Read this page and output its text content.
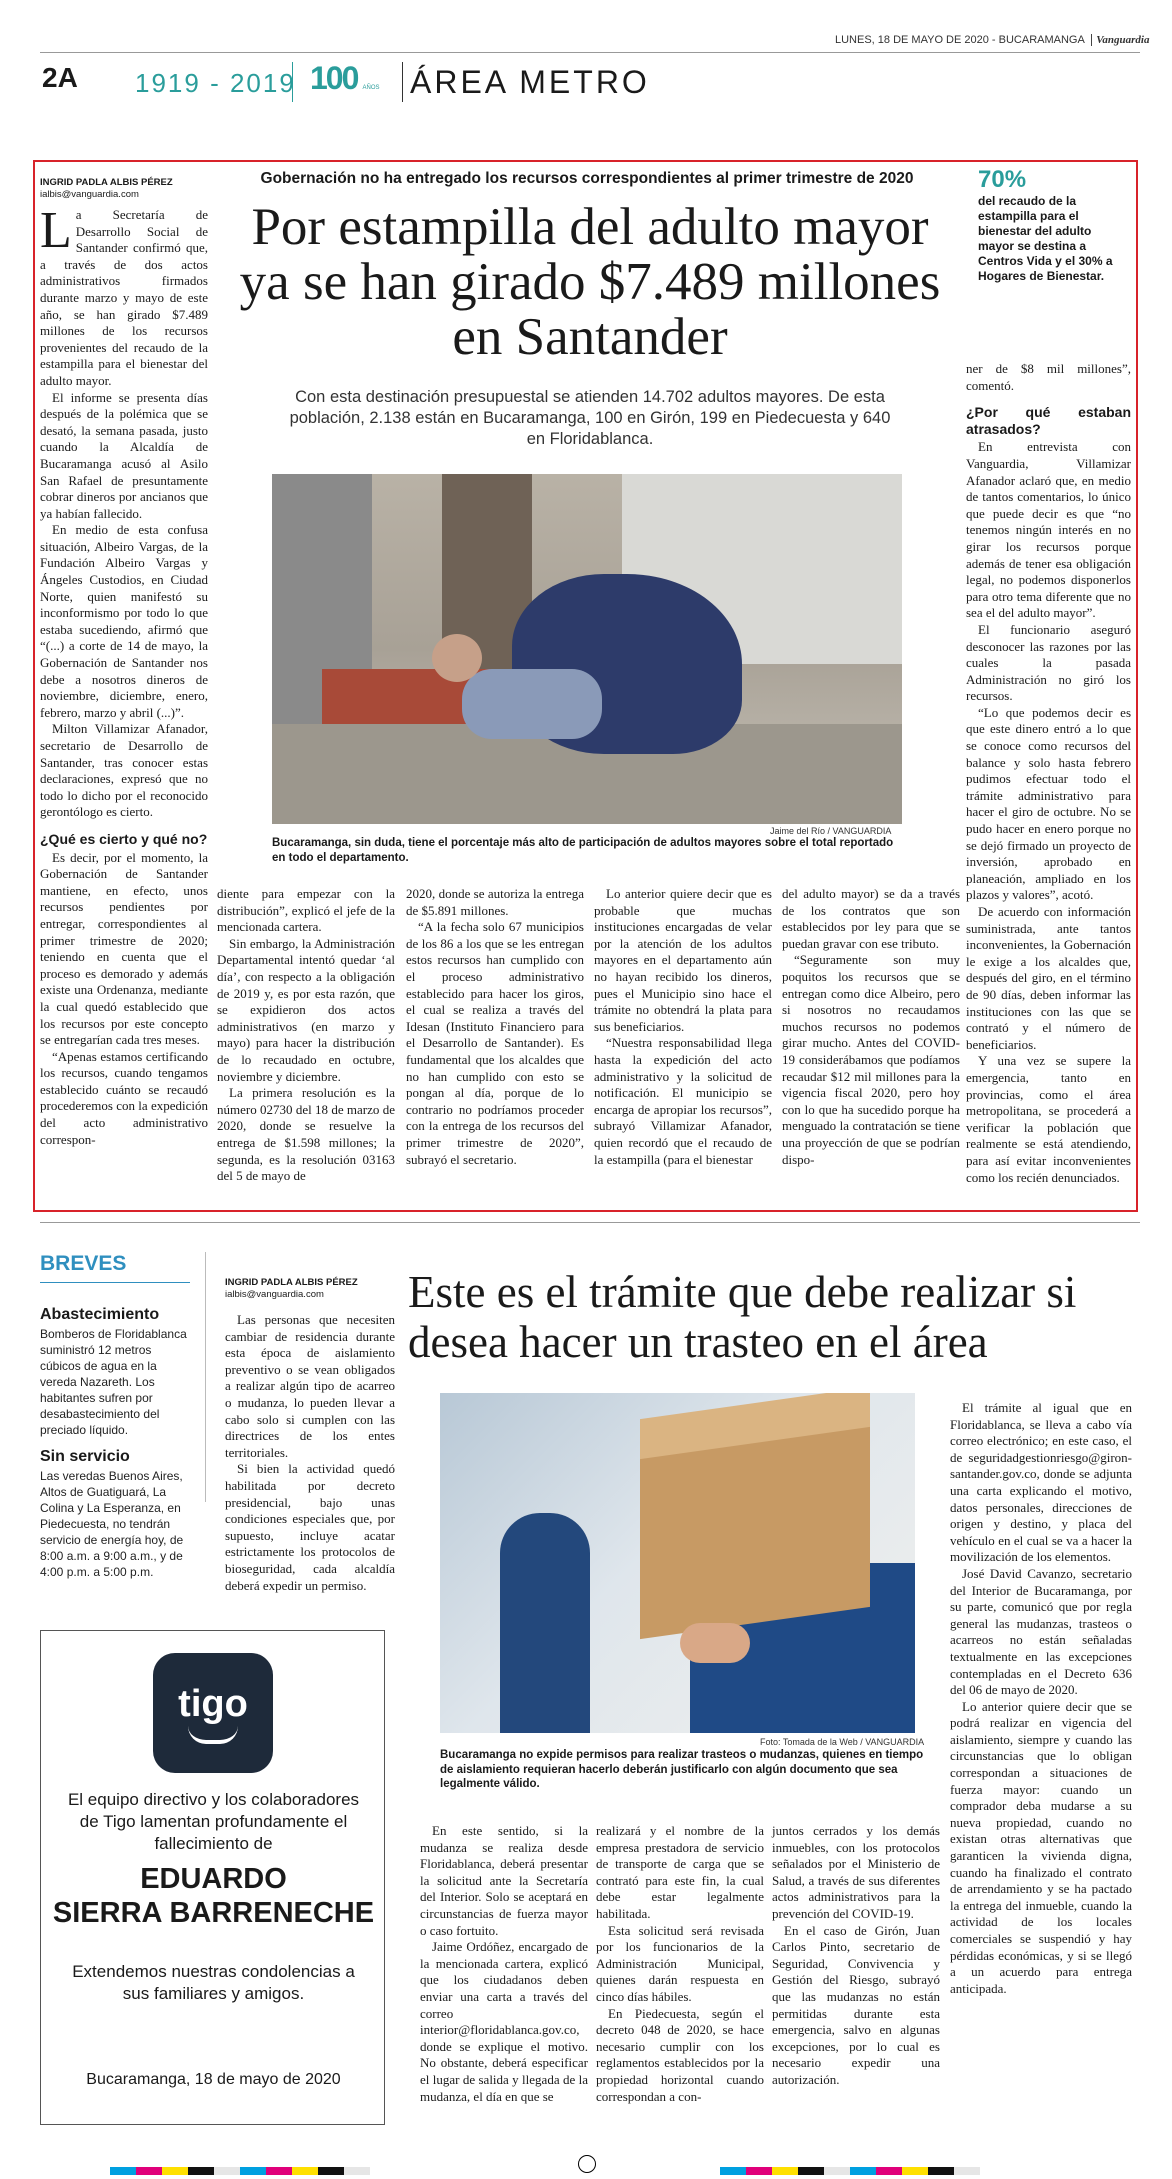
LUNES, 18 DE MAYO DE 2020 - BUCARAMANGA Vanguardia
2A 1919 - 2019 100 AÑOS ÁREA METRO
INGRID PADLA ALBIS PÉREZ
ialbis@vanguardia.com
Gobernación no ha entregado los recursos correspondientes al primer trimestre de 2020
Por estampilla del adulto mayor ya se han girado $7.489 millones en Santander
Con esta destinación presupuestal se atienden 14.702 adultos mayores. De esta población, 2.138 están en Bucaramanga, 100 en Girón, 199 en Piedecuesta y 640 en Floridablanca.
70%
del recaudo de la estampilla para el bienestar del adulto mayor se destina a Centros Vida y el 30% a Hogares de Bienestar.
Jaime del Río / VANGUARDIA
Bucaramanga, sin duda, tiene el porcentaje más alto de participación de adultos mayores sobre el total reportado en todo el departamento.
L a Secretaría de Desarrollo Social de Santander confirmó que, a través de dos actos administrativos firmados durante marzo y mayo de este año, se han girado $7.489 millones de los recursos provenientes del recaudo de la estampilla para el bienestar del adulto mayor.

El informe se presenta días después de la polémica que se desató, la semana pasada, justo cuando la Alcaldía de Bucaramanga acusó al Asilo San Rafael de presuntamente cobrar dineros por ancianos que ya habían fallecido.

En medio de esta confusa situación, Albeiro Vargas, de la Fundación Albeiro Vargas y Ángeles Custodios, en Ciudad Norte, quien manifestó su inconformismo por todo lo que estaba sucediendo, afirmó que “(...) a corte de 14 de mayo, la Gobernación de Santander nos debe a nosotros dineros de noviembre, diciembre, enero, febrero, marzo y abril (...)”.

Milton Villamizar Afanador, secretario de Desarrollo de Santander, tras conocer estas declaraciones, expresó que no todo lo dicho por el reconocido gerontólogo es cierto.

¿Qué es cierto y qué no?

Es decir, por el momento, la Gobernación de Santander mantiene, en efecto, unos recursos pendientes por entregar, correspondientes al primer trimestre de 2020; teniendo en cuenta que el proceso es demorado y además existe una Ordenanza, mediante la cual quedó establecido que los recursos por este concepto se entregarían cada tres meses.

“Apenas estamos certificando los recursos, cuando tengamos establecido cuánto se recaudó procederemos con la expedición del acto administrativo correspon-

diente para empezar con la distribución”, explicó el jefe de la mencionada cartera.

Sin embargo, la Administración Departamental intentó quedar ‘al día’, con respecto a la obligación de 2019 y, es por esta razón, que se expidieron dos actos administrativos (en marzo y mayo) para hacer la distribución de lo recaudado en octubre, noviembre y diciembre.

La primera resolución es la número 02730 del 18 de marzo de 2020, donde se resuelve la entrega de $1.598 millones; la segunda, es la resolución 03163 del 5 de mayo de

2020, donde se autoriza la entrega de $5.891 millones.

“A la fecha solo 67 municipios de los 86 a los que se les entregan estos recursos han cumplido con el proceso administrativo establecido para hacer los giros, el cual se realiza a través del Idesan (Instituto Financiero para el Desarrollo de Santander). Es fundamental que los alcaldes que no han cumplido con esto se pongan al día, porque de lo contrario no podríamos proceder con la entrega de los recursos del primer trimestre de 2020”, subrayó el secretario.

Lo anterior quiere decir que es probable que muchas instituciones encargadas de velar por la atención de los adultos mayores en el departamento aún no hayan recibido los dineros, pues el Municipio sino hace el trámite no obtendrá la plata para sus beneficiarios.

“Nuestra responsabilidad llega hasta la expedición del acto administrativo y la solicitud de notificación. El municipio se encarga de apropiar los recursos”, subrayó Villamizar Afanador, quien recordó que el recaudo de la estampilla (para el bienestar

del adulto mayor) se da a través de los contratos que son establecidos por ley para que se puedan gravar con ese tributo.

“Seguramente son muy poquitos los recursos que se entregan como dice Albeiro, pero si nosotros no recaudamos muchos recursos no podemos girar mucho. Antes del COVID-19 considerábamos que podíamos recaudar $12 mil millones para la vigencia fiscal 2020, pero hoy con lo que ha sucedido porque ha menguado la contratación se tiene una proyección de que se podrían dispo-

ner de $8 mil millones”, comentó.

¿Por qué estaban atrasados?

En entrevista con Vanguardia, Villamizar Afanador aclaró que, en medio de tantos comentarios, lo único que puede decir es que “no tenemos ningún interés en no girar los recursos porque además de tener esa obligación legal, no podemos disponerlos para otro tema diferente que no sea el del adulto mayor”.

El funcionario aseguró desconocer las razones por las cuales la pasada Administración no giró los recursos.

“Lo que podemos decir es que este dinero entró a lo que se conoce como recursos del balance y solo hasta febrero pudimos efectuar todo el trámite administrativo para hacer el giro de octubre. No se pudo hacer en enero porque no se dejó firmado un proyecto de inversión, aprobado en planeación, ampliado en los plazos y valores”, acotó.

De acuerdo con información suministrada, ante tantos inconvenientes, la Gobernación le exige a los alcaldes que, después del giro, en el término de 90 días, deben informar las instituciones con las que se contrató y el número de beneficiarios.

Y una vez se supere la emergencia, tanto en provincias, como el área metropolitana, se procederá a verificar la población que realmente se está atendiendo, para así evitar inconvenientes como los recién denunciados.

BREVES
Abastecimiento
Bomberos de Floridablanca suministró 12 metros cúbicos de agua en la vereda Nazareth. Los habitantes sufren por desabastecimiento del preciado líquido.
Sin servicio
Las veredas Buenos Aires, Altos de Guatiguará, La Colina y La Esperanza, en Piedecuesta, no tendrán servicio de energía hoy, de 8:00 a.m. a 9:00 a.m., y de 4:00 p.m. a 5:00 p.m.
tigo
El equipo directivo y los colaboradores de Tigo lamentan profundamente el fallecimiento de
EDUARDO
SIERRA BARRENECHE
Extendemos nuestras condolencias a sus familiares y amigos.
Bucaramanga, 18 de mayo de 2020
INGRID PADLA ALBIS PÉREZ
ialbis@vanguardia.com	Este es el trámite que debe realizar si desea hacer un trasteo en el área

Las personas que necesiten cambiar de residencia durante esta época de aislamiento preventivo o se vean obligados a realizar algún tipo de acarreo o mudanza, lo pueden llevar a cabo solo si cumplen con las directrices de los entes territoriales.

Si bien la actividad quedó habilitada por decreto presidencial, bajo unas condiciones especiales que, por supuesto, incluye acatar estrictamente los protocolos de bioseguridad, cada alcaldía deberá expedir un permiso.

Foto: Tomada de la Web / VANGUARDIA
Bucaramanga no expide permisos para realizar trasteos o mudanzas, quienes en tiempo de aislamiento requieran hacerlo deberán justificarlo con algún documento que sea legalmente válido.

En este sentido, si la mudanza se realiza desde Floridablanca, deberá presentar la solicitud ante la Secretaría del Interior. Solo se aceptará en circunstancias de fuerza mayor o caso fortuito.

Jaime Ordóñez, encargado de la mencionada cartera, explicó que los ciudadanos deben enviar una carta a través del correo interior@floridablanca.gov.co, donde se explique el motivo. No obstante, deberá especificar el lugar de salida y llegada de la mudanza, el día en que se

realizará y el nombre de la empresa prestadora de servicio de transporte de carga que se contrató para este fin, la cual debe estar legalmente habilitada.

Esta solicitud será revisada por los funcionarios de la Administración Municipal, quienes darán respuesta en cinco días hábiles.

En Piedecuesta, según el decreto 048 de 2020, se hace necesario cumplir con los reglamentos establecidos por la propiedad horizontal cuando correspondan a con-

juntos cerrados y los demás inmuebles, con los protocolos señalados por el Ministerio de Salud, a través de sus diferentes actos administrativos para la prevención del COVID-19.

En el caso de Girón, Juan Carlos Pinto, secretario de Seguridad, Convivencia y Gestión del Riesgo, subrayó que las mudanzas no están permitidas durante esta emergencia, salvo en algunas excepciones, por lo cual es necesario expedir una autorización.

El trámite al igual que en Floridablanca, se lleva a cabo vía correo electrónico; en este caso, el de seguridadgestionriesgo@giron-santander.gov.co, donde se adjunta una carta explicando el motivo, datos personales, direcciones de origen y destino, y placa del vehículo en el cual se va a hacer la movilización de los elementos.

José David Cavanzo, secretario del Interior de Bucaramanga, por su parte, comunicó que por regla general las mudanzas, trasteos o acarreos no están señaladas textualmente en las excepciones contempladas en el Decreto 636 del 06 de mayo de 2020.

Lo anterior quiere decir que se podrá realizar en vigencia del aislamiento, siempre y cuando las circunstancias que lo obligan correspondan a situaciones de fuerza mayor: cuando un comprador deba mudarse a su nueva propiedad, cuando no existan otras alternativas que garanticen la vivienda digna, cuando ha finalizado el contrato de arrendamiento y se ha pactado la entrega del inmueble, cuando la actividad de los locales comerciales se suspendió y hay pérdidas económicas, y si se llegó a un acuerdo para entrega anticipada.
